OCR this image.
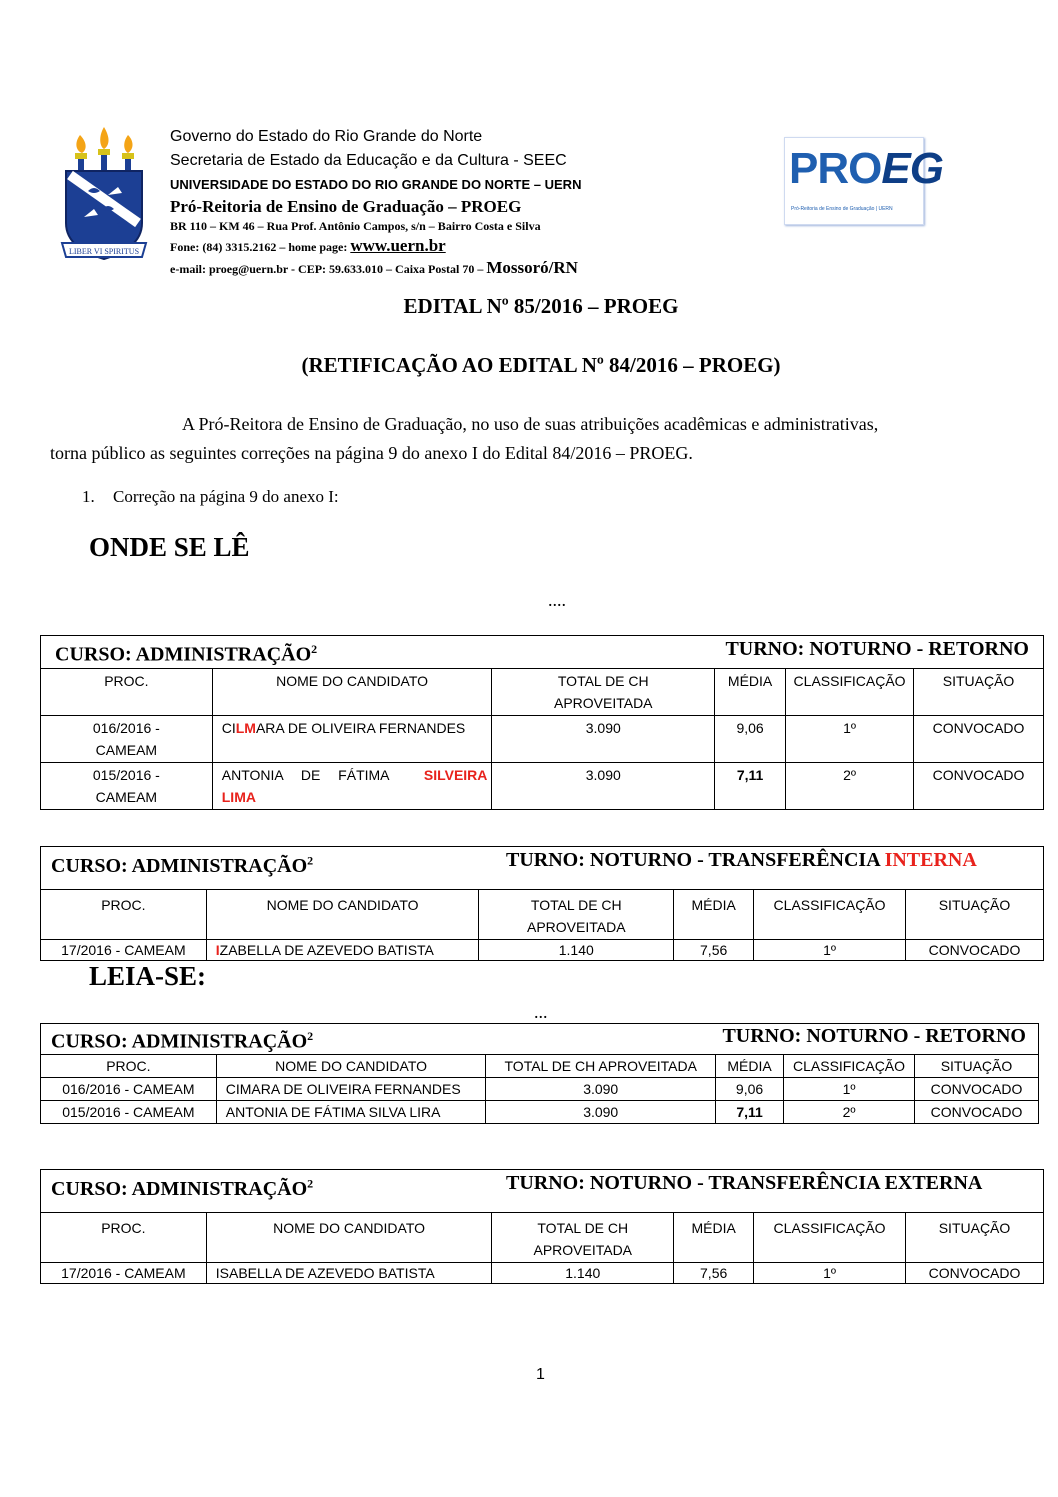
LIBER VI SPIRITUS
Governo do Estado do Rio Grande do Norte
Secretaria de Estado da Educação e da Cultura - SEEC
UNIVERSIDADE DO ESTADO DO RIO GRANDE DO NORTE – UERN
Pró-Reitoria de Ensino de Graduação – PROEG
BR 110 – KM 46 – Rua Prof. Antônio Campos, s/n – Bairro Costa e Silva
Fone: (84) 3315.2162 – home page: www.uern.br
e-mail: proeg@uern.br - CEP: 59.633.010 – Caixa Postal 70 – Mossoró/RN
PROEG
Pró-Reitoria de Ensino de Graduação | UERN
EDITAL Nº 85/2016 – PROEG
(RETIFICAÇÃO AO EDITAL Nº 84/2016 – PROEG)
A Pró-Reitora de Ensino de Graduação, no uso de suas atribuições acadêmicas e administrativas,
torna público as seguintes correções na página 9 do anexo I do Edital 84/2016 – PROEG.
1. Correção na página 9 do anexo I:
ONDE SE LÊ
....
CURSO: ADMINISTRAÇÃO$^2$ TURNO: NOTURNO - RETORNO					

PROC.	NOME DO CANDIDATO	TOTAL DE CH
APROVEITADA	MÉDIA	CLASSIFICAÇÃO	SITUAÇÃO
016/2016 -
CAMEAM	CILMARA DE OLIVEIRA FERNANDES	3.090	9,06	1º	CONVOCADO
015/2016 -
CAMEAM	ANTONIA DE FÁTIMA SILVEIRA
LIMA	3.090	7,11	2º	CONVOCADO
CURSO: ADMINISTRAÇÃO$^2$ TURNO: NOTURNO - TRANSFERÊNCIA INTERNA					

PROC.	NOME DO CANDIDATO	TOTAL DE CH
APROVEITADA	MÉDIA	CLASSIFICAÇÃO	SITUAÇÃO
17/2016 - CAMEAM	IZABELLA DE AZEVEDO BATISTA	1.140	7,56	1º	CONVOCADO
LEIA-SE:
...
CURSO: ADMINISTRAÇÃO$^2$ TURNO: NOTURNO - RETORNO					

PROC.	NOME DO CANDIDATO	TOTAL DE CH APROVEITADA	MÉDIA	CLASSIFICAÇÃO	SITUAÇÃO
016/2016 - CAMEAM	CIMARA DE OLIVEIRA FERNANDES	3.090	9,06	1º	CONVOCADO
015/2016 - CAMEAM	ANTONIA DE FÁTIMA SILVA LIRA	3.090	7,11	2º	CONVOCADO
CURSO: ADMINISTRAÇÃO$^2$ TURNO: NOTURNO - TRANSFERÊNCIA EXTERNA					

PROC.	NOME DO CANDIDATO	TOTAL DE CH
APROVEITADA	MÉDIA	CLASSIFICAÇÃO	SITUAÇÃO
17/2016 - CAMEAM	ISABELLA DE AZEVEDO BATISTA	1.140	7,56	1º	CONVOCADO
1
